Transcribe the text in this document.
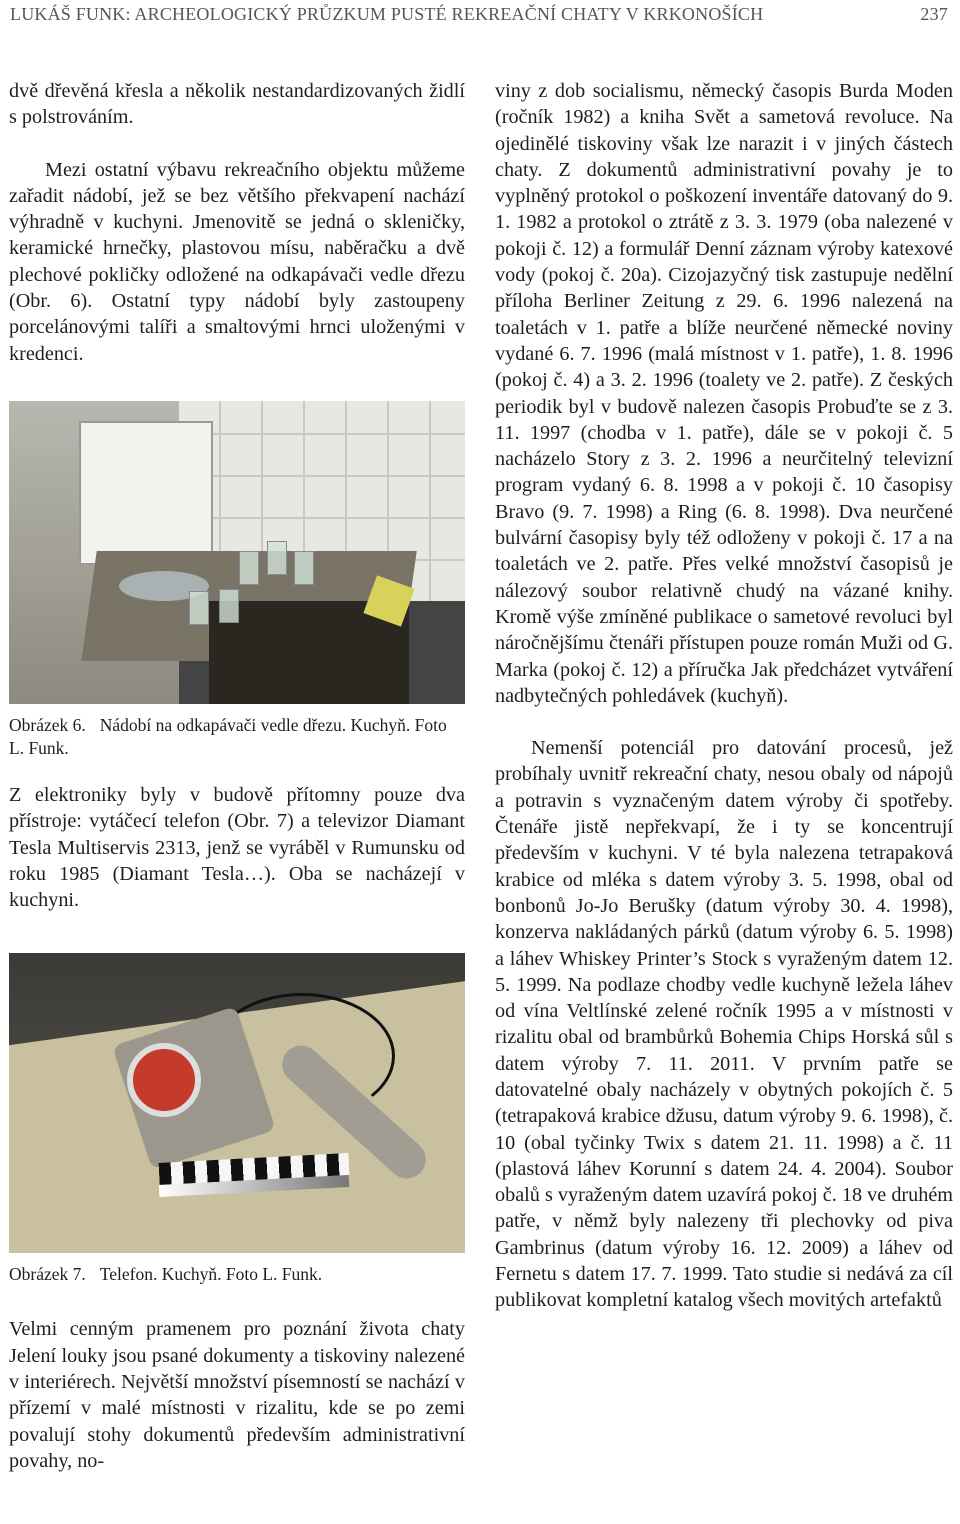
LUKÁŠ FUNK: ARCHEOLOGICKÝ PRŮZKUM PUSTÉ REKREAČNÍ CHATY V KRKONOŠÍCH	237

dvě dřevěná křesla a několik nestandardizovaných židlí s polstrováním.

Mezi ostatní výbavu rekreačního objektu můžeme zařadit nádobí, jež se bez většího překvapení nachází výhradně v kuchyni. Jmenovitě se jedná o skleničky, keramické hrnečky, plastovou mísu, naběračku a dvě plechové pokličky odložené na odkapávači vedle dřezu (Obr. 6). Ostatní typy nádobí byly zastoupeny porcelánovými talíři a smaltovými hrnci uloženými v kredenci.

Obrázek 6. Nádobí na odkapávači vedle dřezu. Kuchyň. Foto L. Funk.

Z elektroniky byly v budově přítomny pouze dva přístroje: vytáčecí telefon (Obr. 7) a televizor Diamant Tesla Multiservis 2313, jenž se vyráběl v Rumunsku od roku 1985 (Diamant Tesla…). Oba se nacházejí v kuchyni.

Obrázek 7. Telefon. Kuchyň. Foto L. Funk.

Velmi cenným pramenem pro poznání života chaty Jelení louky jsou psané dokumenty a tiskoviny nalezené v interiérech. Největší množství písemností se nachází v přízemí v malé místnosti v rizalitu, kde se po zemi povalují stohy dokumentů především administrativní povahy, no-

viny z dob socialismu, německý časopis Burda Moden (ročník 1982) a kniha Svět a sametová revoluce. Na ojedinělé tiskoviny však lze narazit i v jiných částech chaty. Z dokumentů administrativní povahy je to vyplněný protokol o poškození inventáře datovaný do 9. 1. 1982 a protokol o ztrátě z 3. 3. 1979 (oba nalezené v pokoji č. 12) a formulář Denní záznam výroby katexové vody (pokoj č. 20a). Cizojazyčný tisk zastupuje nedělní příloha Berliner Zeitung z 29. 6. 1996 nalezená na toaletách v 1. patře a blíže neurčené německé noviny vydané 6. 7. 1996 (malá místnost v 1. patře), 1. 8. 1996 (pokoj č. 4) a 3. 2. 1996 (toalety ve 2. patře). Z českých periodik byl v budově nalezen časopis Probuďte se z 3. 11. 1997 (chodba v 1. patře), dále se v pokoji č. 5 nacházelo Story z 3. 2. 1996 a neurčitelný televizní program vydaný 6. 8. 1998 a v pokoji č. 10 časopisy Bravo (9. 7. 1998) a Ring (6. 8. 1998). Dva neurčené bulvární časopisy byly též odloženy v pokoji č. 17 a na toaletách ve 2. patře. Přes velké množství časopisů je nálezový soubor relativně chudý na vázané knihy. Kromě výše zmíněné publikace o sametové revoluci byl náročnějšímu čtenáři přístupen pouze román Muži od G. Marka (pokoj č. 12) a příručka Jak předcházet vytváření nadbytečných pohledávek (kuchyň).

Nemenší potenciál pro datování procesů, jež probíhaly uvnitř rekreační chaty, nesou obaly od nápojů a potravin s vyznačeným datem výroby či spotřeby. Čtenáře jistě nepřekvapí, že i ty se koncentrují především v kuchyni. V té byla nalezena tetrapaková krabice od mléka s datem výroby 3. 5. 1998, obal od bonbonů Jo-Jo Berušky (datum výroby 30. 4. 1998), konzerva nakládaných párků (datum výroby 6. 5. 1998) a láhev Whiskey Printer’s Stock s vyraženým datem 12. 5. 1999. Na podlaze chodby vedle kuchyně ležela láhev od vína Veltlínské zelené ročník 1995 a v místnosti v rizalitu obal od brambůrků Bohemia Chips Horská sůl s datem výroby 7. 11. 2011. V prvním patře se datovatelné obaly nacházely v obytných pokojích č. 5 (tetrapaková krabice džusu, datum výroby 9. 6. 1998), č. 10 (obal tyčinky Twix s datem 21. 11. 1998) a č. 11 (plastová láhev Korunní s datem 24. 4. 2004). Soubor obalů s vyraženým datem uzavírá pokoj č. 18 ve druhém patře, v němž byly nalezeny tři plechovky od piva Gambrinus (datum výroby 16. 12. 2009) a láhev od Fernetu s datem 17. 7. 1999. Tato studie si nedává za cíl publikovat kompletní katalog všech movitých artefaktů
